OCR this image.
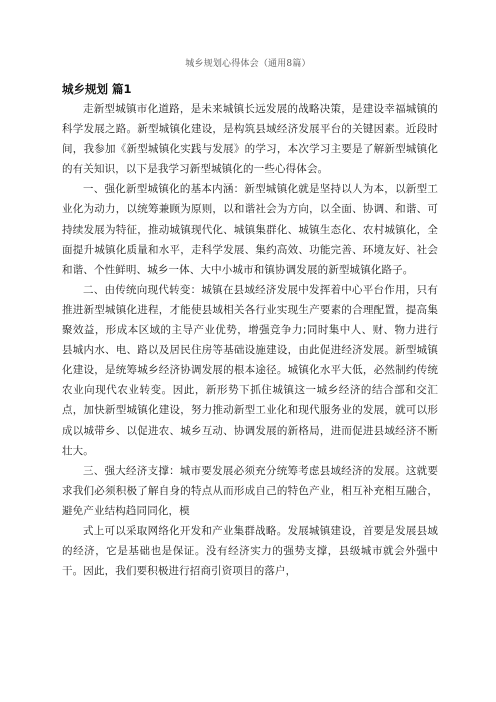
城乡规划心得体会（通用8篇）
城乡规划 篇1

走新型城镇市化道路，是未来城镇长远发展的战略决策，是建设幸福城镇的科学发展之路。新型城镇化建设，是构筑县域经济发展平台的关键因素。近段时间，我参加《新型城镇化实践与发展》的学习，本次学习主要是了解新型城镇化的有关知识，以下是我学习新型城镇化的一些心得体会。

一、强化新型城镇化的基本内涵：新型城镇化就是坚持以人为本，以新型工业化为动力，以统筹兼顾为原则，以和谐社会为方向，以全面、协调、和谐、可持续发展为特征，推动城镇现代化、城镇集群化、城镇生态化、农村城镇化，全面提升城镇化质量和水平，走科学发展、集约高效、功能完善、环境友好、社会和谐、个性鲜明、城乡一体、大中小城市和镇协调发展的新型城镇化路子。

二、由传统向现代转变：城镇在县域经济发展中发挥着中心平台作用，只有推进新型城镇化进程，才能使县域相关各行业实现生产要素的合理配置，提高集聚效益，形成本区域的主导产业优势，增强竞争力;同时集中人、财、物力进行县城内水、电、路以及居民住房等基础设施建设，由此促进经济发展。新型城镇化建设，是统筹城乡经济协调发展的根本途径。城镇化水平大低，必然制约传统农业向现代农业转变。因此，新形势下抓住城镇这一城乡经济的结合部和交汇点，加快新型城镇化建设，努力推动新型工业化和现代服务业的发展，就可以形成以城带乡、以促进农、城乡互动、协调发展的新格局，进而促进县域经济不断壮大。

三、强大经济支撑：城市要发展必须充分统筹考虑县域经济的发展。这就要求我们必须积极了解自身的特点从而形成自己的特色产业，相互补充相互融合，避免产业结构趋同同化，模

式上可以采取网络化开发和产业集群战略。发展城镇建设，首要是发展县域的经济，它是基础也是保证。没有经济实力的强势支撑，县级城市就会外强中干。因此，我们要积极进行招商引资项目的落户，
